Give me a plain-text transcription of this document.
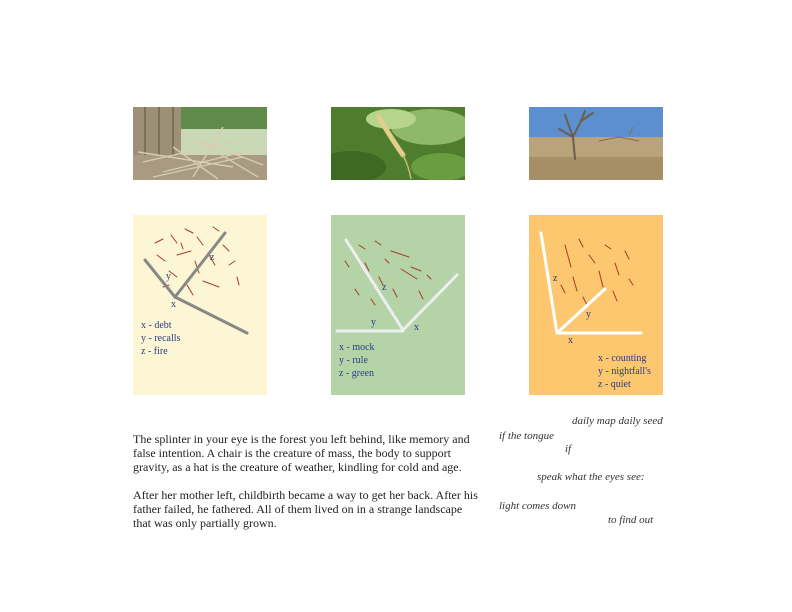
y
z
x
x - debt
y - recalls
z - fire
z
y	x
x - mock
y - rule
z - green
z
y
x
x - counting
y - nightfall's
z - quiet
The splinter in your eye is the forest you left behind, like memory and false intention. A chair is the creature of mass, the body to support gravity, as a hat is the creature of weather, kindling for cold and age.
After her mother left, childbirth became a way to get her back. After his father failed, he fathered. All of them lived on in a strange landscape that was only partially grown.
daily map daily seed
if the tongue
if
speak what the eyes see:
light comes down
to find out
